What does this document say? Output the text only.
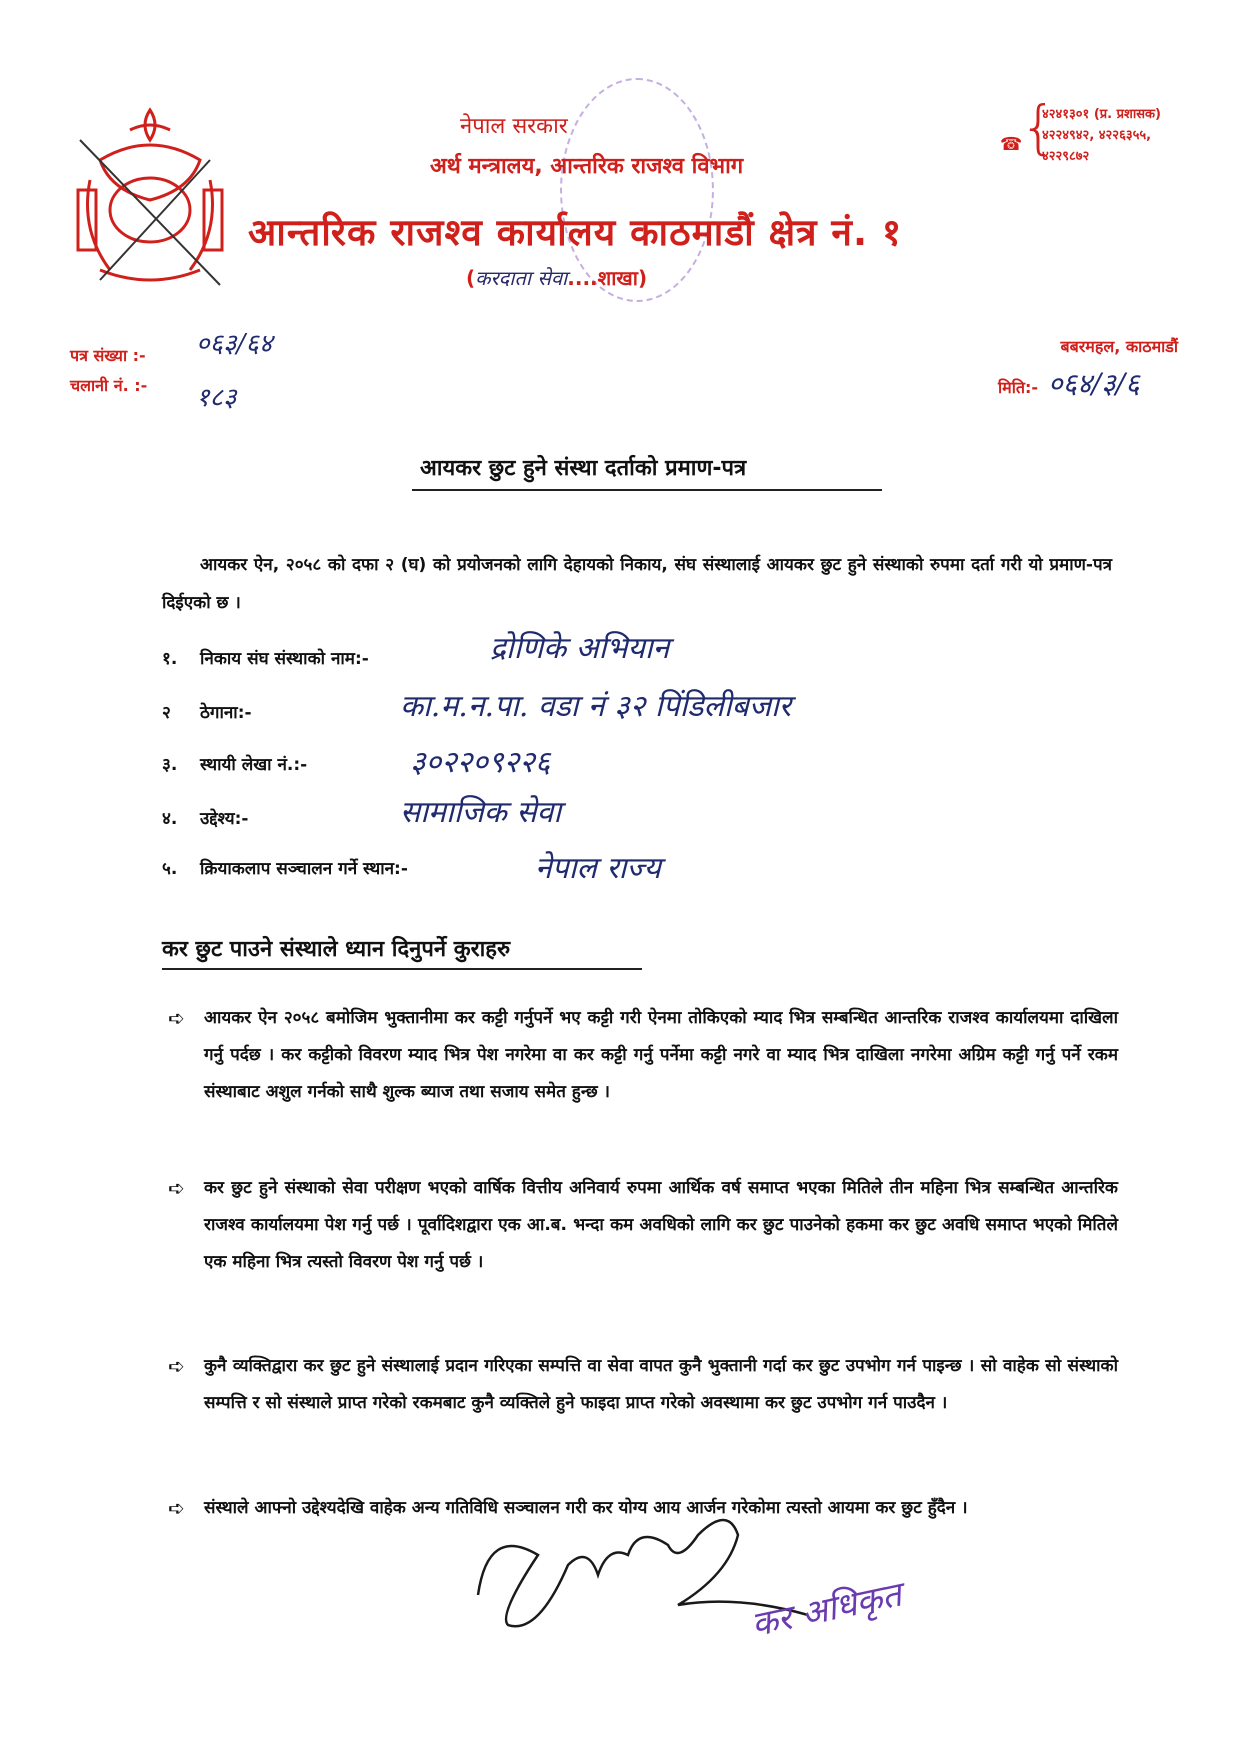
नेपाल सरकार
अर्थ मन्त्रालय, आन्तरिक राजश्व विभाग
आन्तरिक राजश्व कार्यालय काठमाडौं क्षेत्र नं. १
(करदाता सेवा....शाखा)
☎
{
४२४१३०१ (प्र. प्रशासक)
४२२४९४२, ४२२६३५५,
४२२९८७२
पत्र संख्या :- ०६३/६४
चलानी नं. :- १८३
बबरमहल, काठमाडौं
मिति:- ०६४/३/६
आयकर छुट हुने संस्था दर्ताको प्रमाण-पत्र
आयकर ऐन, २०५८ को दफा २ (घ) को प्रयोजनको लागि देहायको निकाय, संघ संस्थालाई आयकर छुट हुने संस्थाको रुपमा दर्ता गरी यो प्रमाण-पत्र दिईएको छ ।
१. निकाय संघ संस्थाको नाम:-	द्रोणिके अभियान
२ ठेगाना:-	का.म.न.पा. वडा नं ३२ पिंडिलीबजार
३. स्थायी लेखा नं.:-	३०२२०९२२६
४. उद्देश्य:-	सामाजिक सेवा
५. क्रियाकलाप सञ्चालन गर्ने स्थान:-	नेपाल राज्य
कर छुट पाउने संस्थाले ध्यान दिनुपर्ने कुराहरु
➪	आयकर ऐन २०५८ बमोजिम भुक्तानीमा कर कट्टी गर्नुपर्ने भए कट्टी गरी ऐनमा तोकिएको म्याद भित्र सम्बन्धित आन्तरिक राजश्व कार्यालयमा दाखिला गर्नु पर्दछ । कर कट्टीको विवरण म्याद भित्र पेश नगरेमा वा कर कट्टी गर्नु पर्नेमा कट्टी नगरे वा म्याद भित्र दाखिला नगरेमा अग्रिम कट्टी गर्नु पर्ने रकम संस्थाबाट अशुल गर्नको साथै शुल्क ब्याज तथा सजाय समेत हुन्छ ।
➪	कर छुट हुने संस्थाको सेवा परीक्षण भएको वार्षिक वित्तीय अनिवार्य रुपमा आर्थिक वर्ष समाप्त भएका मितिले तीन महिना भित्र सम्बन्धित आन्तरिक राजश्व कार्यालयमा पेश गर्नु पर्छ । पूर्वादिशद्वारा एक आ.ब. भन्दा कम अवधिको लागि कर छुट पाउनेको हकमा कर छुट अवधि समाप्त भएको मितिले एक महिना भित्र त्यस्तो विवरण पेश गर्नु पर्छ ।
➪	कुनै व्यक्तिद्वारा कर छुट हुने संस्थालाई प्रदान गरिएका सम्पत्ति वा सेवा वापत कुनै भुक्तानी गर्दा कर छुट उपभोग गर्न पाइन्छ । सो वाहेक सो संस्थाको सम्पत्ति र सो संस्थाले प्राप्त गरेको रकमबाट कुनै व्यक्तिले हुने फाइदा प्राप्त गरेको अवस्थामा कर छुट उपभोग गर्न पाउदैन ।
➪	संस्थाले आफ्नो उद्देश्यदेखि वाहेक अन्य गतिविधि सञ्चालन गरी कर योग्य आय आर्जन गरेकोमा त्यस्तो आयमा कर छुट हुँदैन ।
कर अधिकृत
